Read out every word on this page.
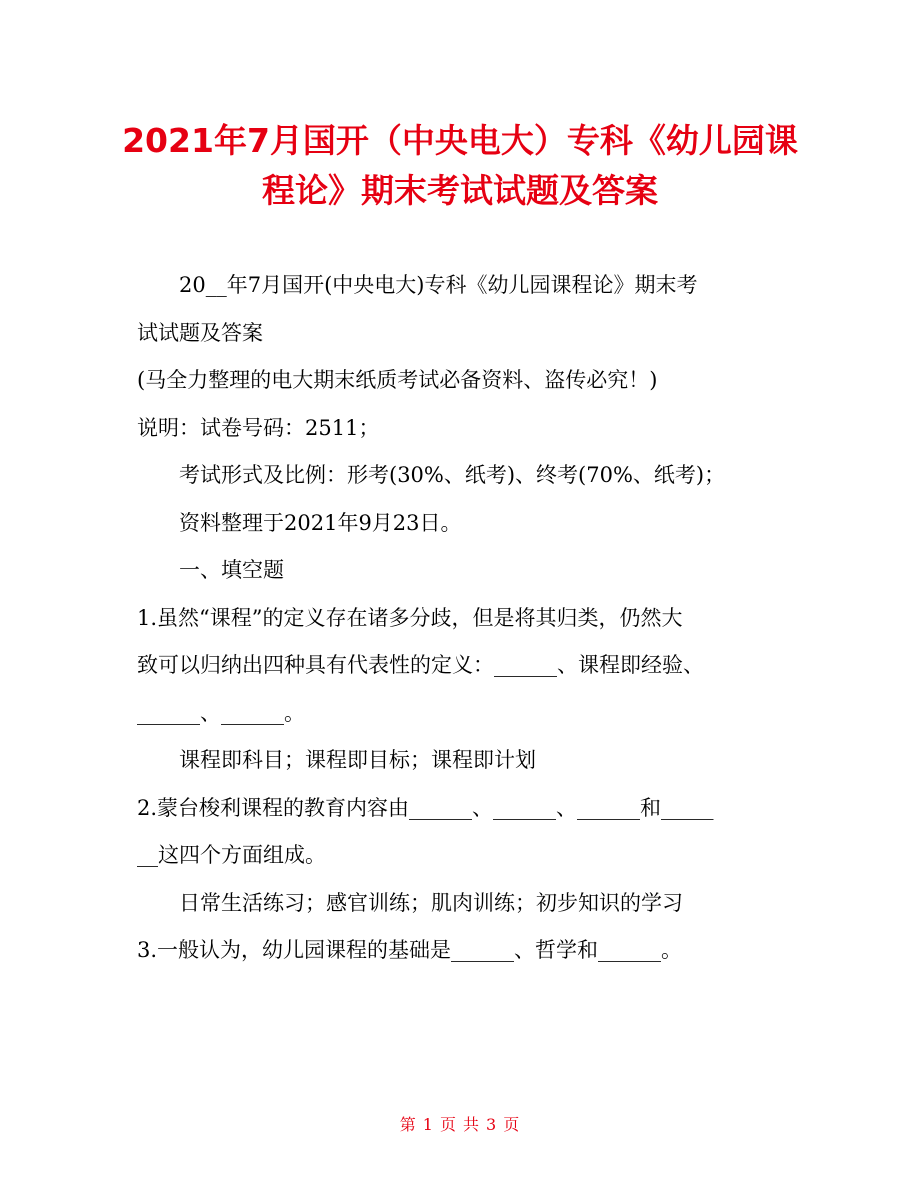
2021年7月国开（中央电大）专科《幼儿园课
程论》期末考试试题及答案
20__年7月国开(中央电大)专科《幼儿园课程论》期末考
试试题及答案
(马全力整理的电大期末纸质考试必备资料、盗传必究！)
说明：试卷号码：2511；
考试形式及比例：形考(30%、纸考)、终考(70%、纸考)；
资料整理于2021年9月23日。
一、填空题
1.虽然“课程”的定义存在诸多分歧，但是将其归类，仍然大
致可以归纳出四种具有代表性的定义：______、课程即经验、
______、______。
课程即科目；课程即目标；课程即计划
2.蒙台梭利课程的教育内容由______、______、______和_____
__这四个方面组成。
日常生活练习；感官训练；肌肉训练；初步知识的学习
3.一般认为，幼儿园课程的基础是______、哲学和______。
第 1 页 共 3 页
